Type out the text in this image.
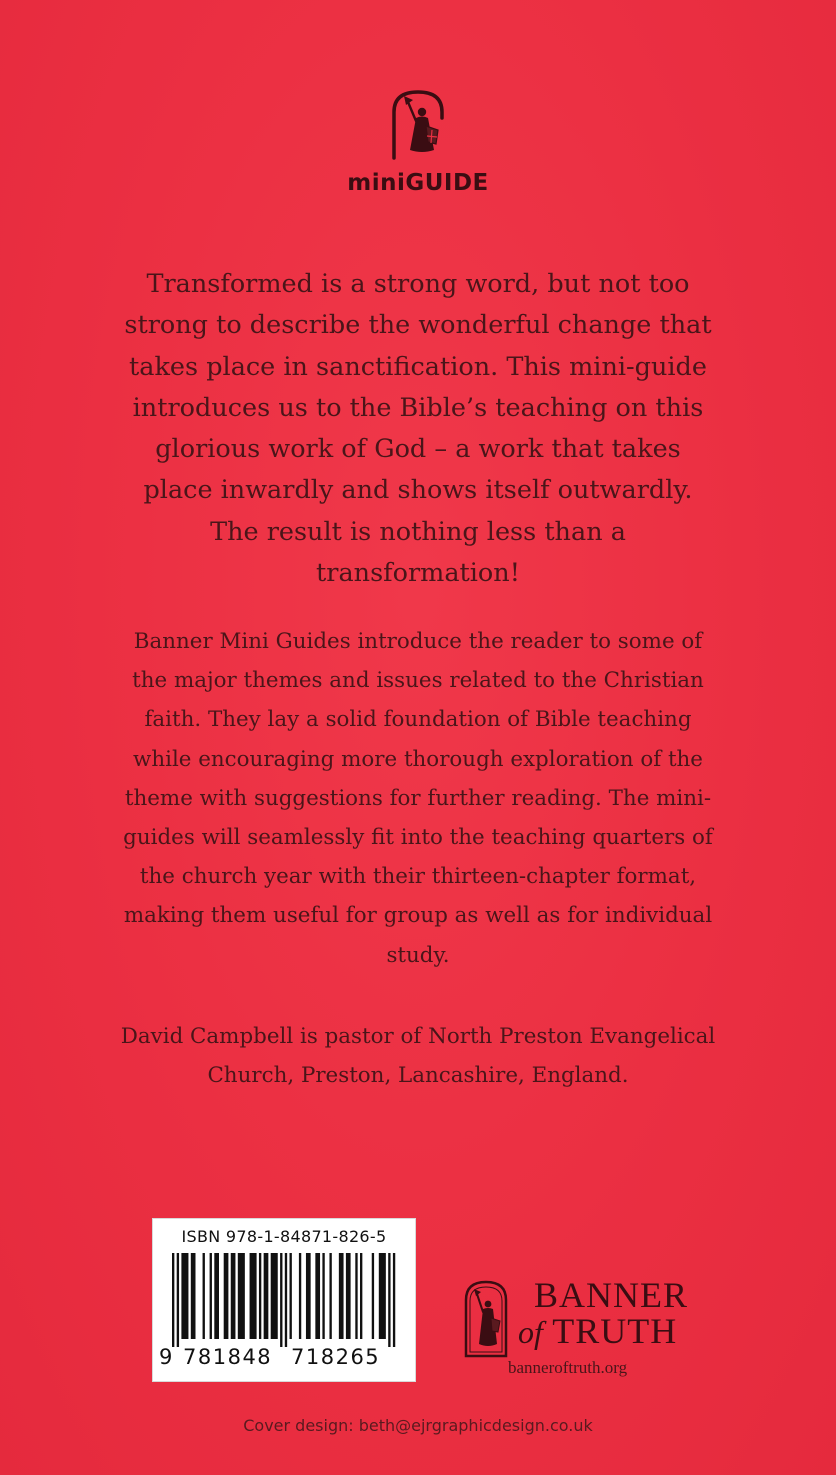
miniGUIDE

Transformed is a strong word, but not too strong to describe the wonderful change that takes place in sanctification. This mini-guide introduces us to the Bible’s teaching on this glorious work of God – a work that takes place inwardly and shows itself outwardly. The result is nothing less than a transformation!

Banner Mini Guides introduce the reader to some of the major themes and issues related to the Christian faith. They lay a solid foundation of Bible teaching while encouraging more thorough exploration of the theme with suggestions for further reading. The mini-guides will seamlessly fit into the teaching quarters of the church year with their thirteen-chapter format, making them useful for group as well as for individual study.

David Campbell is pastor of North Preston Evangelical Church, Preston, Lancashire, England.

ISBN 978-1-84871-826-5
9 781848 718265
BANNER
of TRUTH
banneroftruth.org
Cover design: beth@ejrgraphicdesign.co.uk
